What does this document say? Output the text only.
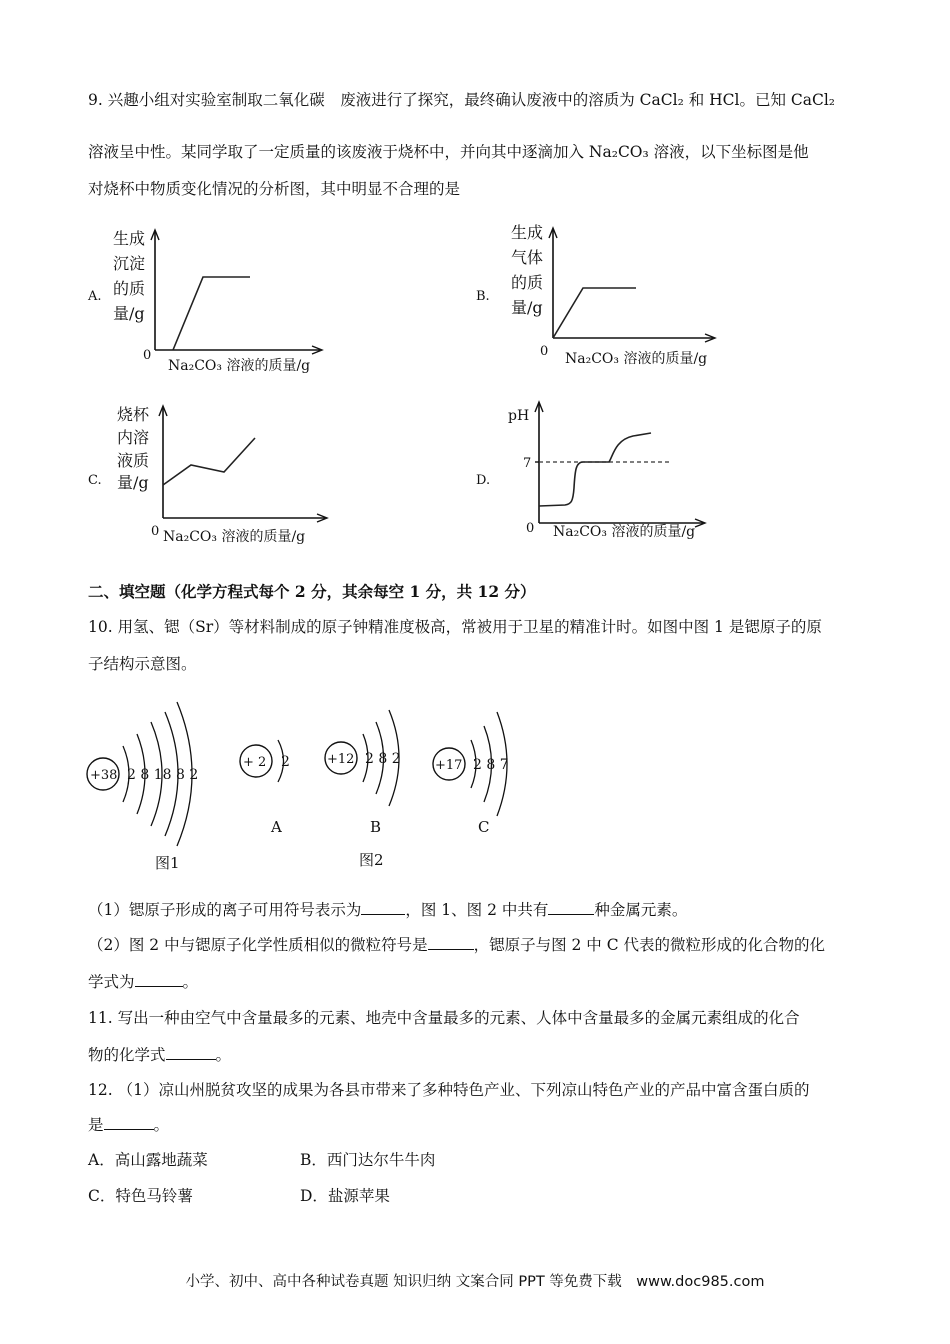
9. 兴趣小组对实验室制取二氧化碳　废液进行了探究，最终确认废液中的溶质为 CaCl₂ 和 HCl。已知 CaCl₂
溶液呈中性。某同学取了一定质量的该废液于烧杯中，并向其中逐滴加入 Na₂CO₃ 溶液，以下坐标图是他
对烧杯中物质变化情况的分析图，其中明显不合理的是
A.
生成
沉淀
的质
量/g
0
Na₂CO₃ 溶液的质量/g
B.
生成
气体
的质
量/g
0 Na₂CO₃ 溶液的质量/g
C.
烧杯
内溶
液质
量/g
0 Na₂CO₃ 溶液的质量/g
D.
pH
7
0 Na₂CO₃ 溶液的质量/g
二、填空题（化学方程式每个 2 分，其余每空 1 分，共 12 分）
10. 用氢、锶（Sr）等材料制成的原子钟精准度极高，常被用于卫星的精准计时。如图中图 1 是锶原子的原
子结构示意图。
+38 2 8 18 8 2
图1
+ 2 2
A
+12 2 8 2
B
图2
+17 2 8 7
C
（1）锶原子形成的离子可用符号表示为	，图 1、图 2 中共有	种金属元素。
（2）图 2 中与锶原子化学性质相似的微粒符号是	，锶原子与图 2 中 C 代表的微粒形成的化合物的化
学式为	。
11. 写出一种由空气中含量最多的元素、地壳中含量最多的元素、人体中含量最多的金属元素组成的化合
物的化学式	。
12. （1）凉山州脱贫攻坚的成果为各县市带来了多种特色产业、下列凉山特色产业的产品中富含蛋白质的
是	。
A．高山露地蔬菜	B．西门达尔牛牛肉
C．特色马铃薯	D．盐源苹果
小学、初中、高中各种试卷真题 知识归纳 文案合同 PPT 等免费下载　www.doc985.com
